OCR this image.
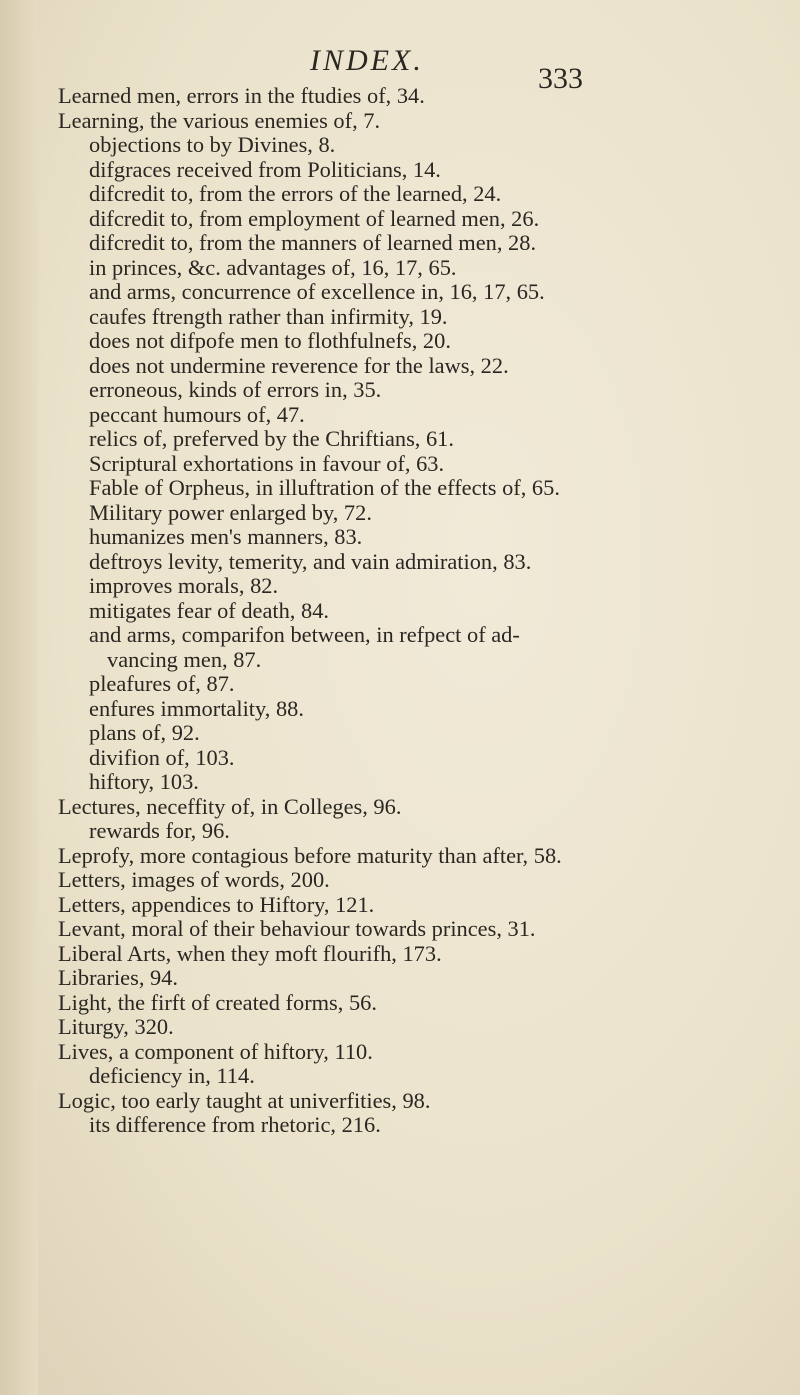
INDEX.
333
Learned men, errors in the ftudies of, 34.
Learning, the various enemies of, 7.
objections to by Divines, 8.
difgraces received from Politicians, 14.
difcredit to, from the errors of the learned, 24.
difcredit to, from employment of learned men, 26.
difcredit to, from the manners of learned men, 28.
in princes, &c. advantages of, 16, 17, 65.
and arms, concurrence of excellence in, 16, 17, 65.
caufes ftrength rather than infirmity, 19.
does not difpofe men to flothfulnefs, 20.
does not undermine reverence for the laws, 22.
erroneous, kinds of errors in, 35.
peccant humours of, 47.
relics of, preferved by the Chriftians, 61.
Scriptural exhortations in favour of, 63.
Fable of Orpheus, in illuftration of the effects of, 65.
Military power enlarged by, 72.
humanizes men's manners, 83.
deftroys levity, temerity, and vain admiration, 83.
improves morals, 82.
mitigates fear of death, 84.
and arms, comparifon between, in refpect of ad-
vancing men, 87.
pleafures of, 87.
enfures immortality, 88.
plans of, 92.
divifion of, 103.
hiftory, 103.
Lectures, neceffity of, in Colleges, 96.
rewards for, 96.
Leprofy, more contagious before maturity than after, 58.
Letters, images of words, 200.
Letters, appendices to Hiftory, 121.
Levant, moral of their behaviour towards princes, 31.
Liberal Arts, when they moft flourifh, 173.
Libraries, 94.
Light, the firft of created forms, 56.
Liturgy, 320.
Lives, a component of hiftory, 110.
deficiency in, 114.
Logic, too early taught at univerfities, 98.
its difference from rhetoric, 216.
